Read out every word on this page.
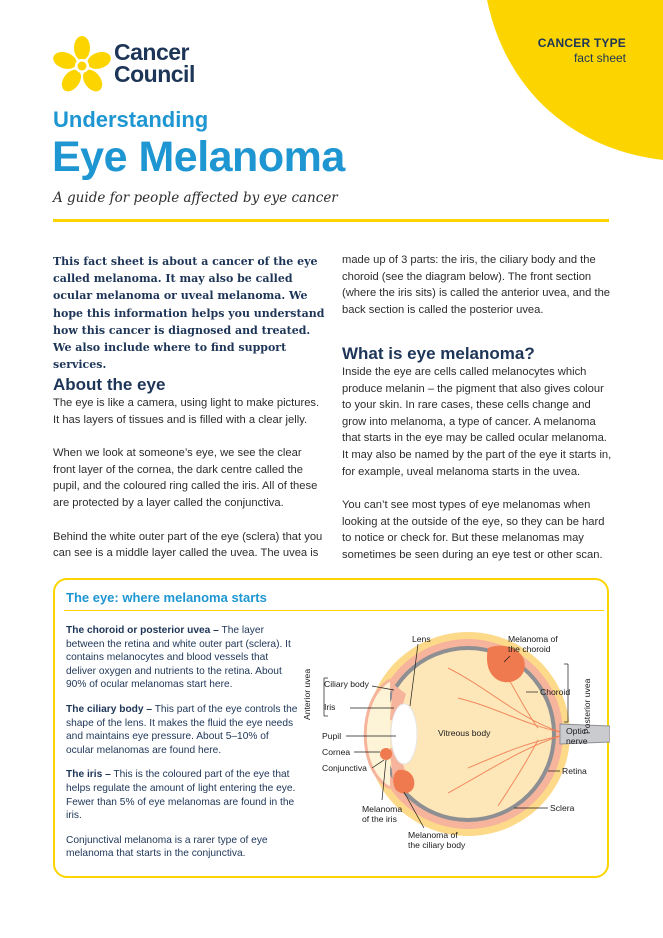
CANCER TYPE
fact sheet
Cancer
Council
Understanding
Eye Melanoma
A guide for people affected by eye cancer
This fact sheet is about a cancer of the eye called melanoma. It may also be called ocular melanoma or uveal melanoma. We hope this information helps you understand how this cancer is diagnosed and treated. We also include where to find support services.
About the eye

The eye is like a camera, using light to make pictures. It has layers of tissues and is filled with a clear jelly.

When we look at someone’s eye, we see the clear front layer of the cornea, the dark centre called the pupil, and the coloured ring called the iris. All of these are protected by a layer called the conjunctiva.

Behind the white outer part of the eye (sclera) that you can see is a middle layer called the uvea. The uvea is

made up of 3 parts: the iris, the ciliary body and the choroid (see the diagram below). The front section (where the iris sits) is called the anterior uvea, and the back section is called the posterior uvea.
What is eye melanoma?

Inside the eye are cells called melanocytes which produce melanin – the pigment that also gives colour to your skin. In rare cases, these cells change and grow into melanoma, a type of cancer. A melanoma that starts in the eye may be called ocular melanoma. It may also be named by the part of the eye it starts in, for example, uveal melanoma starts in the uvea.

You can’t see most types of eye melanomas when looking at the outside of the eye, so they can be hard to notice or check for. But these melanomas may sometimes be seen during an eye test or other scan.

The eye: where melanoma starts

The choroid or posterior uvea – The layer between the retina and white outer part (sclera). It contains melanocytes and blood vessels that deliver oxygen and nutrients to the retina. About 90% of ocular melanomas start here.

The ciliary body – This part of the eye controls the shape of the lens. It makes the fluid the eye needs and maintains eye pressure. About 5–10% of ocular melanomas are found here.

The iris – This is the coloured part of the eye that helps regulate the amount of light entering the eye. Fewer than 5% of eye melanomas are found in the iris.

Conjunctival melanoma is a rarer type of eye melanoma that starts in the conjunctiva.

Lens	Melanoma of
the choroid
Anterior uvea Ciliary body
Iris
Choroid Posterior uvea
Pupil	Vitreous body	Optic
nerve
Cornea
Conjunctiva	Retina
Melanoma
of the iris
Sclera
Melanoma of
the ciliary body
